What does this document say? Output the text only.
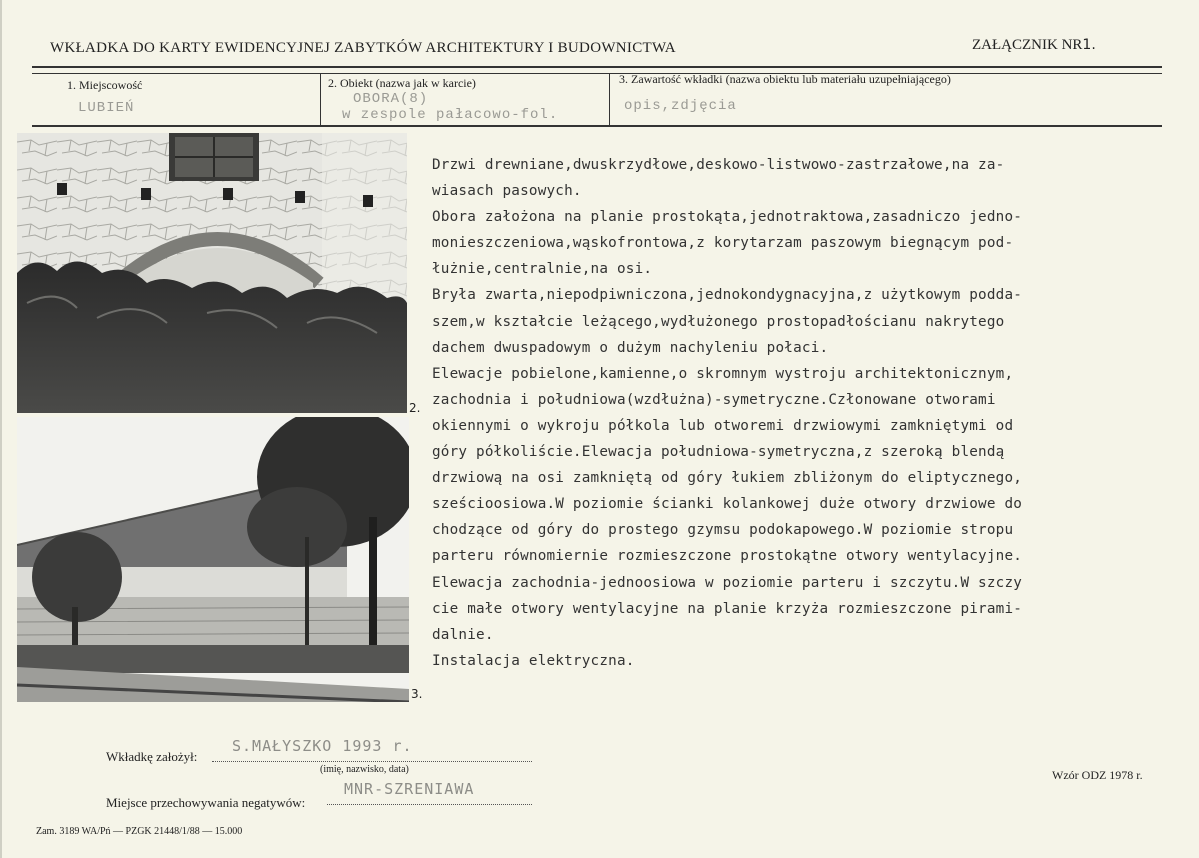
WKŁADKA DO KARTY EWIDENCYJNEJ ZABYTKÓW ARCHITEKTURY I BUDOWNICTWA	ZAŁĄCZNIK NR1.
1. Miejscowość
LUBIEŃ
2. Obiekt (nazwa jak w karcie)
OBORA(8)
w zespole pałacowo-fol.
3. Zawartość wkładki (nazwa obiektu lub materiału uzupełniającego)
opis,zdjęcia
2.
3.
Drzwi drewniane,dwuskrzydłowe,deskowo-listwowo-zastrzałowe,na za-
wiasach pasowych.
Obora założona na planie prostokąta,jednotraktowa,zasadniczo jedno-
monieszczeniowa,wąskofrontowa,z korytarzam paszowym biegnącym pod-
łużnie,centralnie,na osi.
Bryła zwarta,niepodpiwniczona,jednokondygnacyjna,z użytkowym podda-
szem,w kształcie leżącego,wydłużonego prostopadłościanu nakrytego
dachem dwuspadowym o dużym nachyleniu połaci.
Elewacje pobielone,kamienne,o skromnym wystroju architektonicznym,
zachodnia i południowa(wzdłużna)-symetryczne.Członowane otworami
okiennymi o wykroju półkola lub otworemi drzwiowymi zamkniętymi od
góry półkoliście.Elewacja południowa-symetryczna,z szeroką blendą
drzwiową na osi zamkniętą od góry łukiem zbliżonym do eliptycznego,
sześcioosiowa.W poziomie ścianki kolankowej duże otwory drzwiowe do
chodzące od góry do prostego gzymsu podokapowego.W poziomie stropu
parteru równomiernie rozmieszczone prostokątne otwory wentylacyjne.
Elewacja zachodnia-jednoosiowa w poziomie parteru i szczytu.W szczy
cie małe otwory wentylacyjne na planie krzyża rozmieszczone pirami-
dalnie.
Instalacja elektryczna.
Wkładkę założył:
S.MAŁYSZKO 1993 r.
(imię, nazwisko, data)
Miejsce przechowywania negatywów:
MNR-SZRENIAWA
Wzór ODZ 1978 r.
Zam. 3189 WA/Pń — PZGK 21448/1/88 — 15.000
